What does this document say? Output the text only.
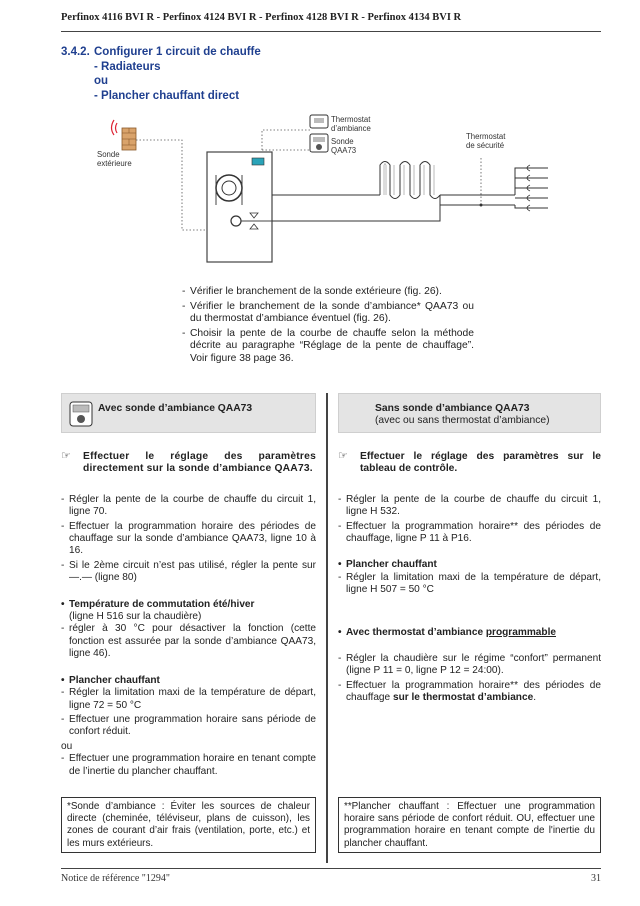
Perfinox 4116 BVI R - Perfinox 4124 BVI R - Perfinox 4128 BVI R - Perfinox 4134 BVI R
3.4.2. Configurer 1 circuit de chauffe
- Radiateurs
ou
- Plancher chauffant direct
Sonde
extérieure
Thermostat
d’ambiance
Sonde
QAA73
Thermostat
de sécurité
- Vérifier le branchement de la sonde extérieure (fig. 26).
- Vérifier le branchement de la sonde d’ambiance* QAA73 ou du thermostat d’ambiance éventuel (fig. 26).
- Choisir la pente de la courbe de chauffe selon la méthode décrite au paragraphe “Réglage de la pente de chauffage”. Voir figure 38 page 36.
Avec sonde d’ambiance QAA73	Sans sonde d’ambiance QAA73
(avec ou sans thermostat d’ambiance)
☞ Effectuer le réglage des paramètres directement sur la sonde d’ambiance QAA73.
- Régler la pente de la courbe de chauffe du circuit 1, ligne 70.
- Effectuer la programmation horaire des périodes de chauffage sur la sonde d’ambiance QAA73, ligne 10 à 16.
- Si le 2ème circuit n’est pas utilisé, régler la pente sur —.— (ligne 80)
• Température de commutation été/hiver
(ligne H 516 sur la chaudière)
- régler à 30 °C pour désactiver la fonction (cette fonction est assurée par la sonde d’ambiance QAA73, ligne 46).
• Plancher chauffant
- Régler la limitation maxi de la température de départ, ligne 72 = 50 °C
- Effectuer une programmation horaire sans période de confort réduit.
ou
- Effectuer une programmation horaire en tenant compte de l’inertie du plancher chauffant.
☞ Effectuer le réglage des paramètres sur le tableau de contrôle.
- Régler la pente de la courbe de chauffe du circuit 1, ligne H 532.
- Effectuer la programmation horaire** des périodes de chauffage, ligne P 11 à P16.
• Plancher chauffant
- Régler la limitation maxi de la température de départ, ligne H 507 = 50 °C
• Avec thermostat d’ambiance programmable
- Régler la chaudière sur le régime “confort” permanent (ligne P 11 = 0, ligne P 12 = 24:00).
- Effectuer la programmation horaire** des périodes de chauffage sur le thermostat d’ambiance.
*Sonde d’ambiance : Éviter les sources de chaleur directe (cheminée, téléviseur, plans de cuisson), les zones de courant d’air frais (ventilation, porte, etc.) et les murs extérieurs.
**Plancher chauffant : Effectuer une programmation horaire sans période de confort réduit. OU, effectuer une programmation horaire en tenant compte de l'inertie du plancher chauffant.
Notice de référence "1294"	31
